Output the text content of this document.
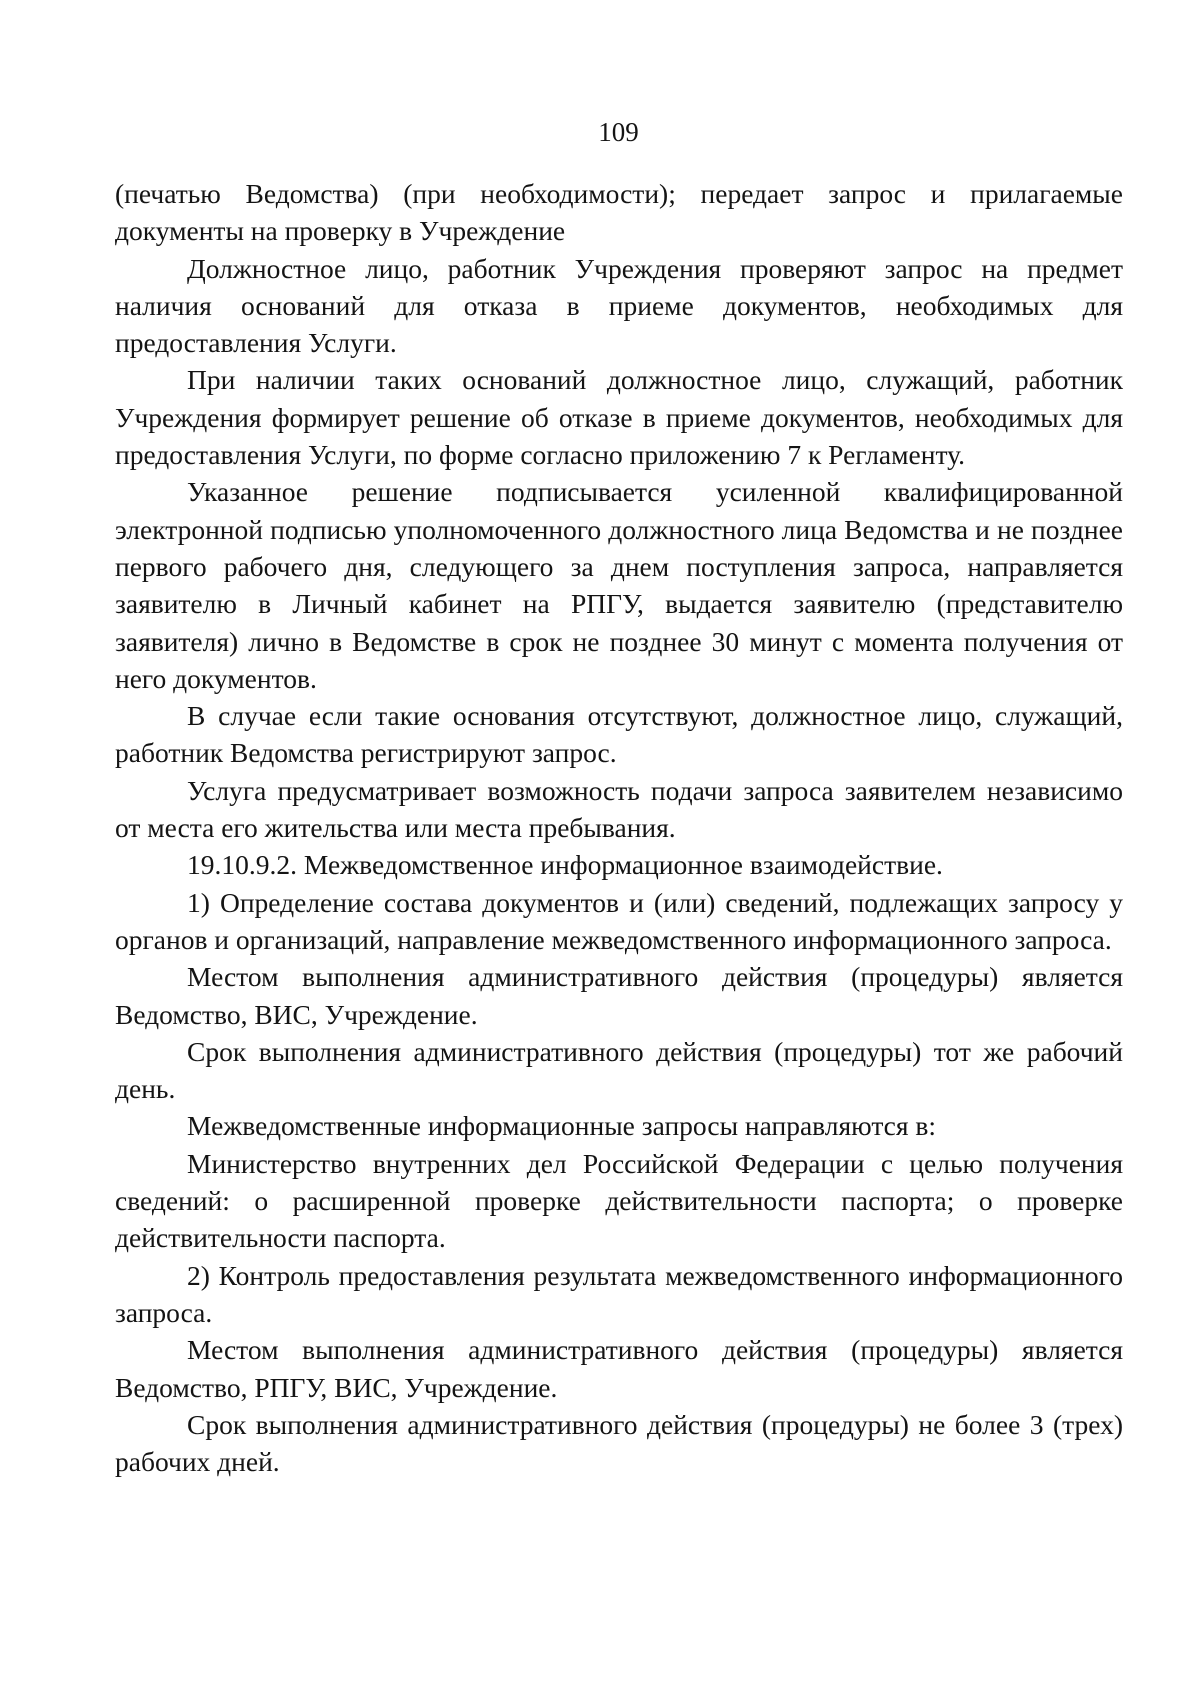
109

(печатью Ведомства) (при необходимости); передает запрос и прилагаемые документы на проверку в Учреждение

Должностное лицо, работник Учреждения проверяют запрос на предмет наличия оснований для отказа в приеме документов, необходимых для предоставления Услуги.

При наличии таких оснований должностное лицо, служащий, работник Учреждения формирует решение об отказе в приеме документов, необходимых для предоставления Услуги, по форме согласно приложению 7 к Регламенту.

Указанное решение подписывается усиленной квалифицированной электронной подписью уполномоченного должностного лица Ведомства и не позднее первого рабочего дня, следующего за днем поступления запроса, направляется заявителю в Личный кабинет на РПГУ, выдается заявителю (представителю заявителя) лично в Ведомстве в срок не позднее 30 минут с момента получения от него документов.

В случае если такие основания отсутствуют, должностное лицо, служащий, работник Ведомства регистрируют запрос.

Услуга предусматривает возможность подачи запроса заявителем независимо от места его жительства или места пребывания.

19.10.9.2. Межведомственное информационное взаимодействие.

1) Определение состава документов и (или) сведений, подлежащих запросу у органов и организаций, направление межведомственного информационного запроса.

Местом выполнения административного действия (процедуры) является Ведомство, ВИС, Учреждение.

Срок выполнения административного действия (процедуры) тот же рабочий день.

Межведомственные информационные запросы направляются в:

Министерство внутренних дел Российской Федерации с целью получения сведений: о расширенной проверке действительности паспорта; о проверке действительности паспорта.

2) Контроль предоставления результата межведомственного информационного запроса.

Местом выполнения административного действия (процедуры) является Ведомство, РПГУ, ВИС, Учреждение.

Срок выполнения административного действия (процедуры) не более 3 (трех) рабочих дней.
